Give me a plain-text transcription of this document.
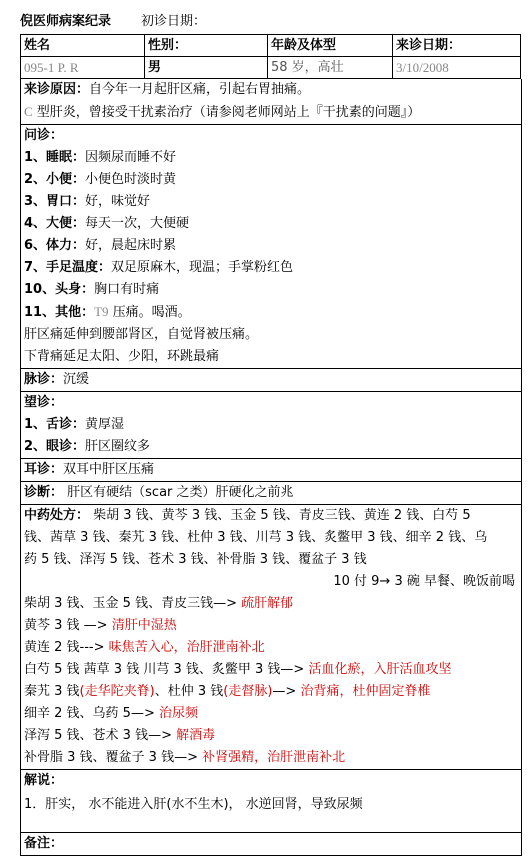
倪医师病案纪录 初诊日期：
姓名	性别：	年龄及体型	来诊日期：
095-1 P. R	男	58 岁，高壮	3/10/2008
来诊原因：自今年一月起肝区痛，引起右胃抽痛。
C 型肝炎，曾接受干扰素治疗（请参阅老师网站上『干扰素的问题』）
问诊：
1、睡眠：因频尿而睡不好
2、小便：小便色时淡时黄
3、胃口：好，味觉好
4、大便：每天一次，大便硬
6、体力：好，晨起床时累
7、手足温度：双足原麻木，现温；手掌粉红色
10、头身：胸口有时痛
11、其他：T9 压痛。喝酒。
肝区痛延伸到腰部肾区，自觉肾被压痛。
下背痛延足太阳、少阳，环跳最痛
脉诊：沉缓
望诊：
1、舌诊：黄厚湿
2、眼诊：肝区圈纹多
耳诊：双耳中肝区压痛
诊断： 肝区有硬结（scar 之类）肝硬化之前兆
中药处方： 柴胡 3 钱、黄芩 3 钱、玉金 5 钱、青皮三钱、黄连 2 钱、白芍 5
钱、茜草 3 钱、秦艽 3 钱、杜仲 3 钱、川芎 3 钱、炙鳖甲 3 钱、细辛 2 钱、乌
药 5 钱、泽泻 5 钱、苍术 3 钱、补骨脂 3 钱、覆盆子 3 钱
10 付 9→ 3 碗 早餐、晚饭前喝
柴胡 3 钱、玉金 5 钱、青皮三钱—> 疏肝解郁
黄芩 3 钱 —> 清肝中湿热
黄连 2 钱---> 味焦苦入心，治肝泄南补北
白芍 5 钱 茜草 3 钱 川芎 3 钱、炙鳖甲 3 钱—> 活血化瘀，入肝活血攻坚
秦艽 3 钱(走华陀夹脊)、杜仲 3 钱(走督脉)—> 治背痛，杜仲固定脊椎
细辛 2 钱、乌药 5—> 治尿频
泽泻 5 钱、苍术 3 钱—> 解酒毒
补骨脂 3 钱、覆盆子 3 钱—> 补肾强精，治肝泄南补北
解说：
1．肝实， 水不能进入肝(水不生木)， 水逆回肾，导致尿频
备注：
